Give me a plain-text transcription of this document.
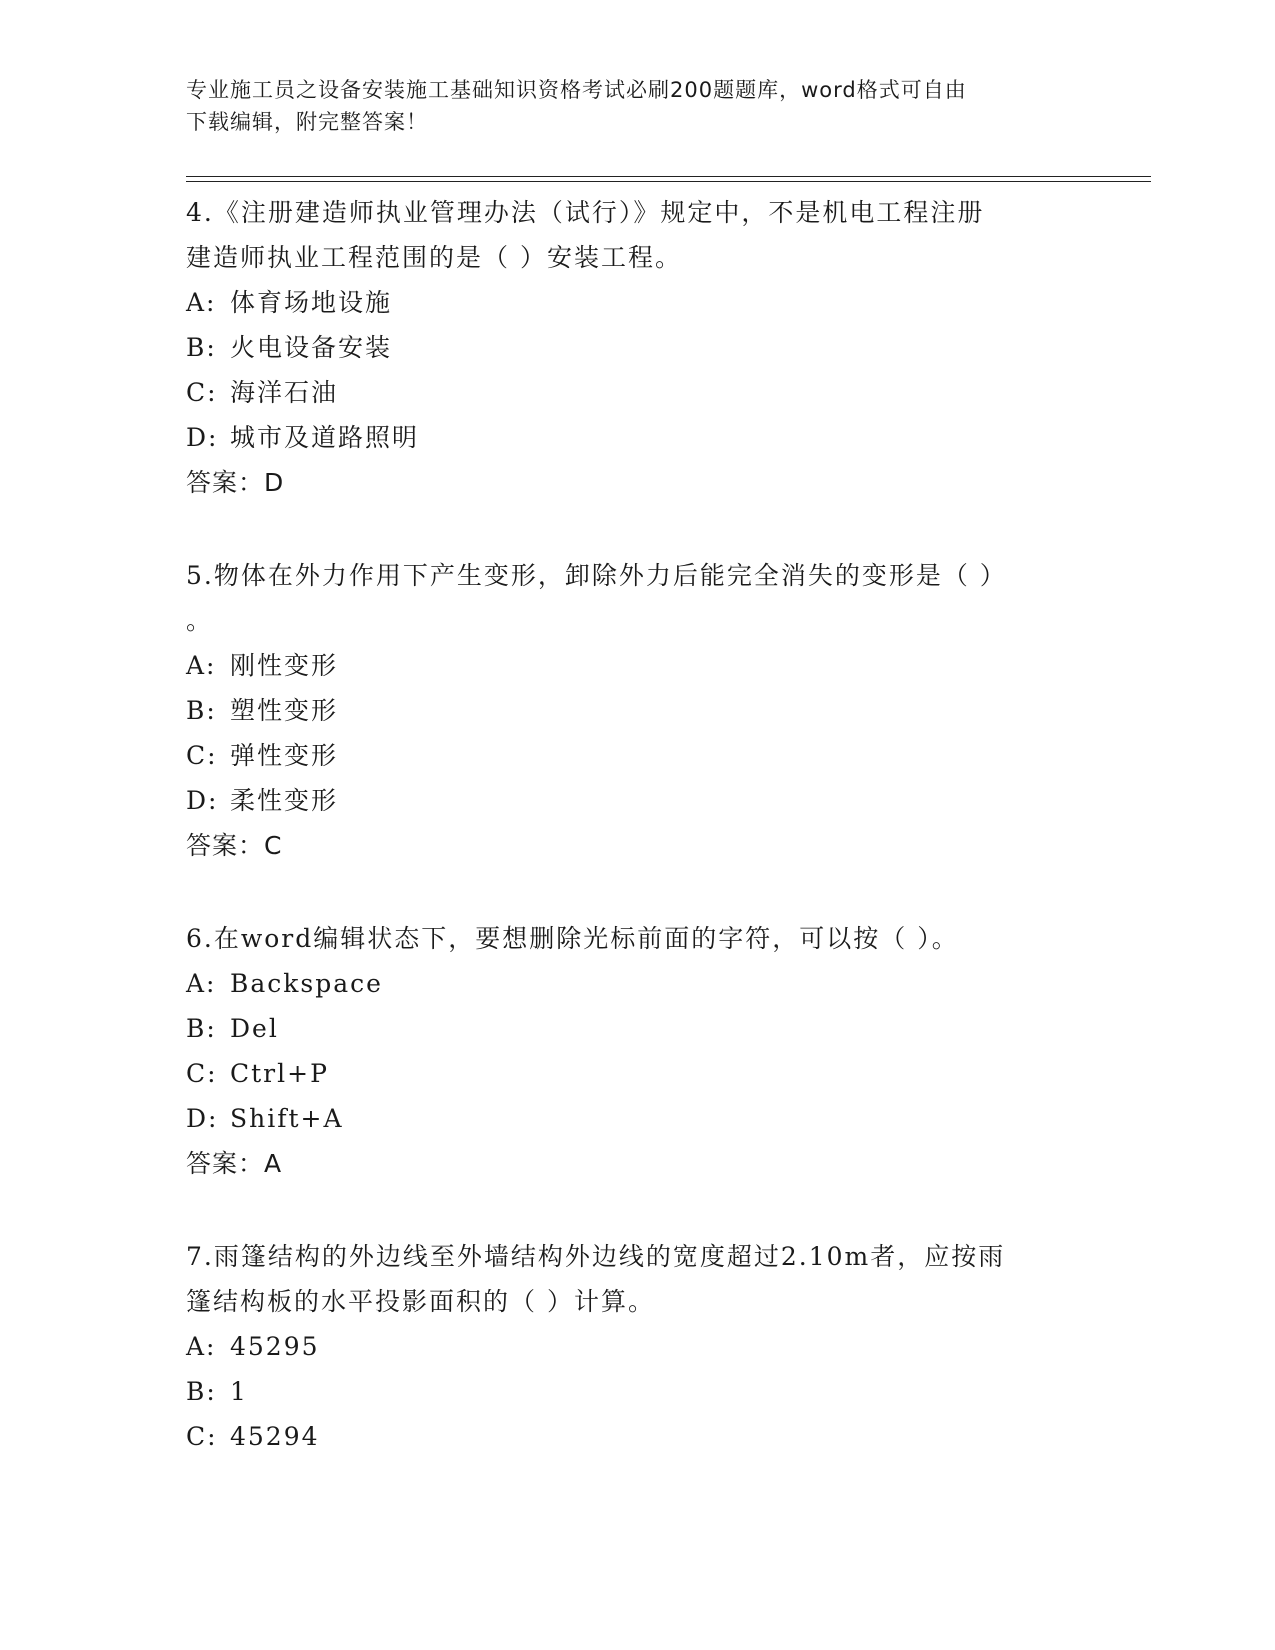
专业施工员之设备安装施工基础知识资格考试必刷200题题库，word格式可自由
下载编辑，附完整答案！

4.《注册建造师执业管理办法（试行）》规定中，不是机电工程注册

建造师执业工程范围的是（ ）安装工程。

A: 体育场地设施

B: 火电设备安装

C: 海洋石油

D: 城市及道路照明

答案：D

5.物体在外力作用下产生变形，卸除外力后能完全消失的变形是（ ）

。

A: 刚性变形

B: 塑性变形

C: 弹性变形

D: 柔性变形

答案：C

6.在word编辑状态下，要想删除光标前面的字符，可以按（ ）。

A: Backspace

B: Del

C: Ctrl+P

D: Shift+A

答案：A

7.雨篷结构的外边线至外墙结构外边线的宽度超过2.10m者，应按雨

篷结构板的水平投影面积的（ ）计算。

A: 45295

B: 1

C: 45294
